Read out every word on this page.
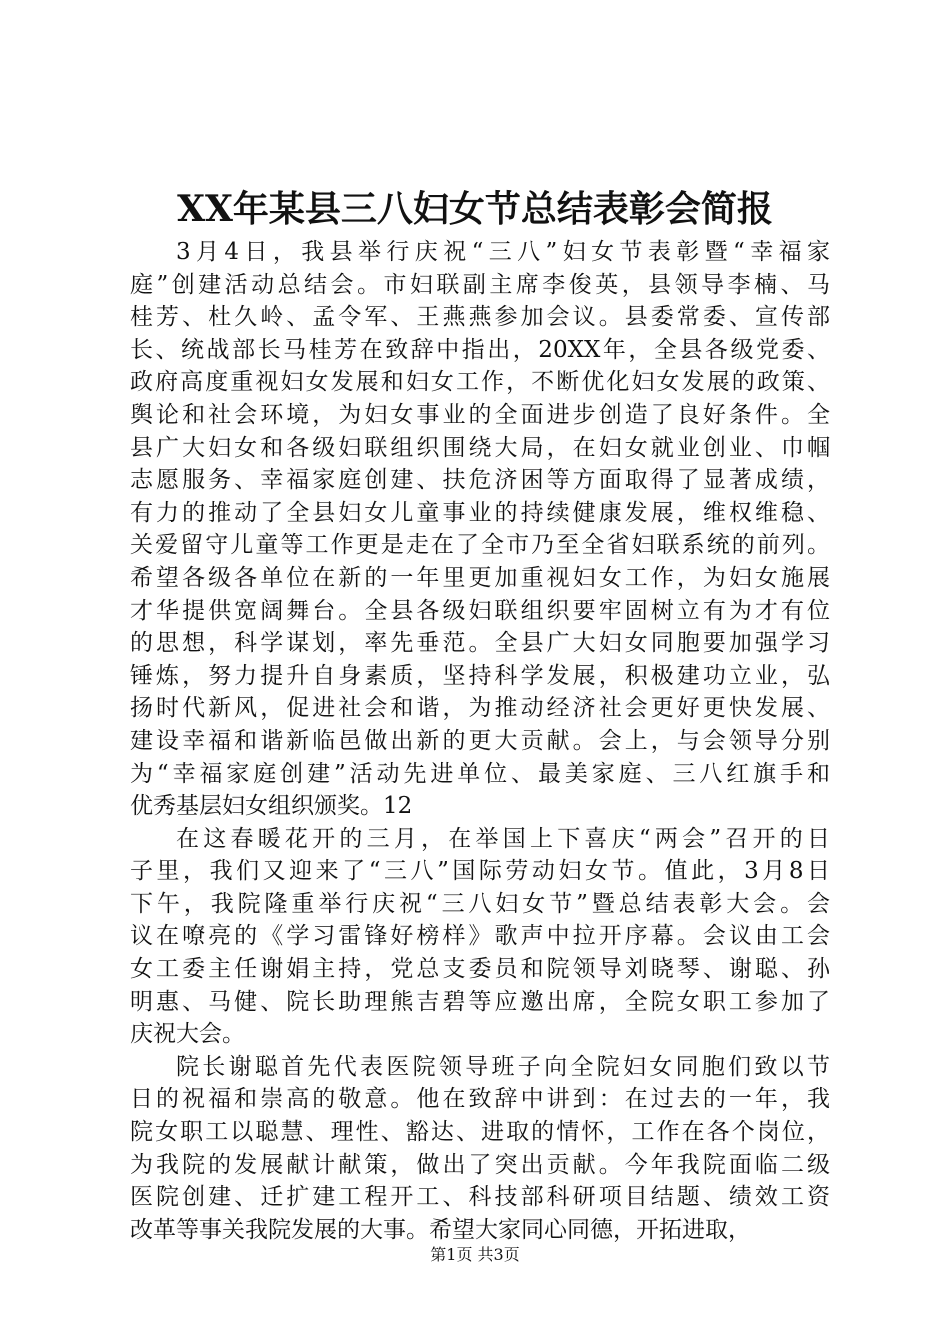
XX年某县三八妇女节总结表彰会简报
3月4日，我县举行庆祝“三八”妇女节表彰暨“幸福家
庭”创建活动总结会。市妇联副主席李俊英，县领导李楠、马
桂芳、杜久岭、孟令军、王燕燕参加会议。县委常委、宣传部
长、统战部长马桂芳在致辞中指出，20XX年，全县各级党委、
政府高度重视妇女发展和妇女工作，不断优化妇女发展的政策、
舆论和社会环境，为妇女事业的全面进步创造了良好条件。全
县广大妇女和各级妇联组织围绕大局，在妇女就业创业、巾帼
志愿服务、幸福家庭创建、扶危济困等方面取得了显著成绩，
有力的推动了全县妇女儿童事业的持续健康发展，维权维稳、
关爱留守儿童等工作更是走在了全市乃至全省妇联系统的前列。
希望各级各单位在新的一年里更加重视妇女工作，为妇女施展
才华提供宽阔舞台。全县各级妇联组织要牢固树立有为才有位
的思想，科学谋划，率先垂范。全县广大妇女同胞要加强学习
锤炼，努力提升自身素质，坚持科学发展，积极建功立业，弘
扬时代新风，促进社会和谐，为推动经济社会更好更快发展、
建设幸福和谐新临邑做出新的更大贡献。会上，与会领导分别
为“幸福家庭创建”活动先进单位、最美家庭、三八红旗手和
优秀基层妇女组织颁奖。12
在这春暖花开的三月，在举国上下喜庆“两会”召开的日
子里，我们又迎来了“三八”国际劳动妇女节。值此，3月8日
下午，我院隆重举行庆祝“三八妇女节”暨总结表彰大会。会
议在嘹亮的《学习雷锋好榜样》歌声中拉开序幕。会议由工会
女工委主任谢娟主持，党总支委员和院领导刘晓琴、谢聪、孙
明惠、马健、院长助理熊吉碧等应邀出席，全院女职工参加了
庆祝大会。
院长谢聪首先代表医院领导班子向全院妇女同胞们致以节
日的祝福和崇高的敬意。他在致辞中讲到：在过去的一年，我
院女职工以聪慧、理性、豁达、进取的情怀，工作在各个岗位，
为我院的发展献计献策，做出了突出贡献。今年我院面临二级
医院创建、迁扩建工程开工、科技部科研项目结题、绩效工资
改革等事关我院发展的大事。希望大家同心同德，开拓进取，
第1页 共3页
